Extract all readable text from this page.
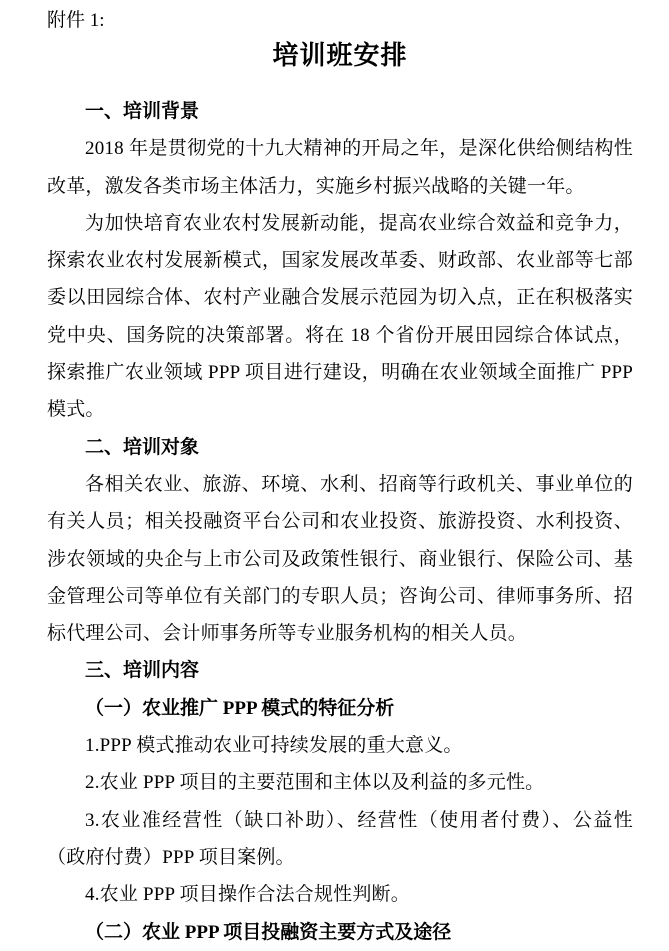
附件 1:

培训班安排
一、培训背景

2018 年是贯彻党的十九大精神的开局之年，是深化供给侧结构性改革，激发各类市场主体活力，实施乡村振兴战略的关键一年。

为加快培育农业农村发展新动能，提高农业综合效益和竞争力，探索农业农村发展新模式，国家发展改革委、财政部、农业部等七部委以田园综合体、农村产业融合发展示范园为切入点，正在积极落实党中央、国务院的决策部署。将在 18 个省份开展田园综合体试点，探索推广农业领域 PPP 项目进行建设，明确在农业领域全面推广 PPP 模式。

二、培训对象

各相关农业、旅游、环境、水利、招商等行政机关、事业单位的有关人员；相关投融资平台公司和农业投资、旅游投资、水利投资、涉农领域的央企与上市公司及政策性银行、商业银行、保险公司、基金管理公司等单位有关部门的专职人员；咨询公司、律师事务所、招标代理公司、会计师事务所等专业服务机构的相关人员。

三、培训内容
（一）农业推广 PPP 模式的特征分析

1.PPP 模式推动农业可持续发展的重大意义。

2.农业 PPP 项目的主要范围和主体以及利益的多元性。

3.农业准经营性（缺口补助）、经营性（使用者付费）、公益性（政府付费）PPP 项目案例。

4.农业 PPP 项目操作合法合规性判断。

（二）农业 PPP 项目投融资主要方式及途径
